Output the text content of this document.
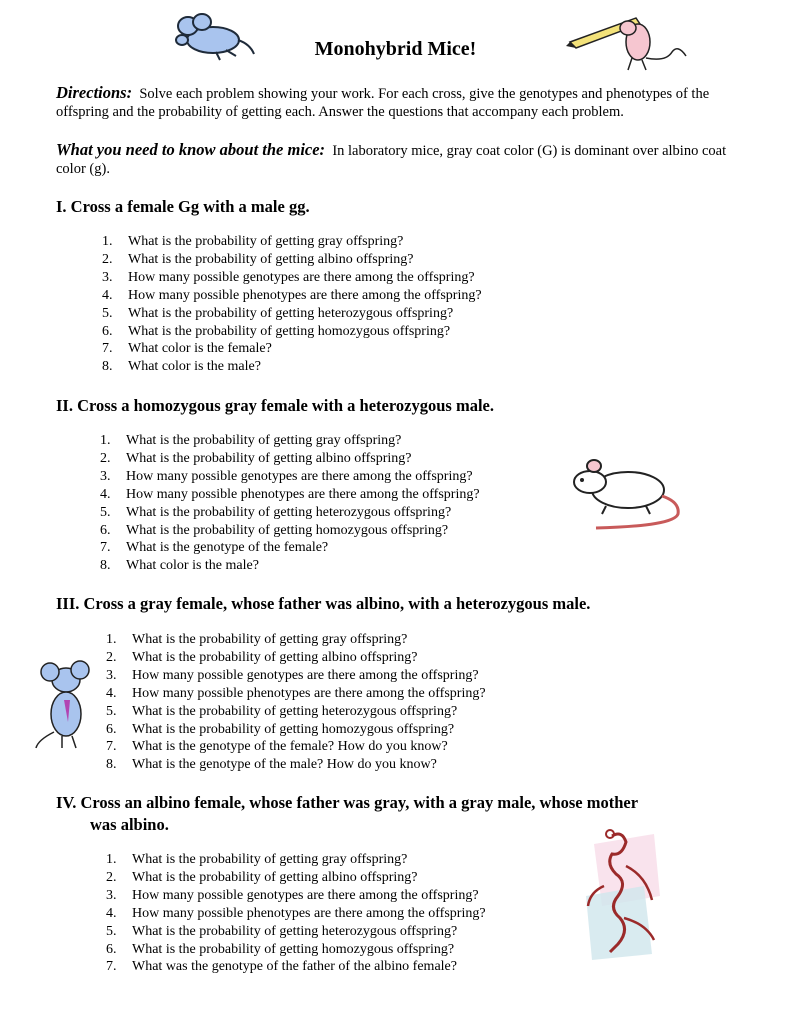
Monohybrid Mice!
Directions: Solve each problem showing your work. For each cross, give the genotypes and phenotypes of the offspring and the probability of getting each. Answer the questions that accompany each problem.
What you need to know about the mice: In laboratory mice, gray coat color (G) is dominant over albino coat color (g).
I. Cross a female Gg with a male gg.
1. What is the probability of getting gray offspring?
2. What is the probability of getting albino offspring?
3. How many possible genotypes are there among the offspring?
4. How many possible phenotypes are there among the offspring?
5. What is the probability of getting heterozygous offspring?
6. What is the probability of getting homozygous offspring?
7. What color is the female?
8. What color is the male?
II. Cross a homozygous gray female with a heterozygous male.
1. What is the probability of getting gray offspring?
2. What is the probability of getting albino offspring?
3. How many possible genotypes are there among the offspring?
4. How many possible phenotypes are there among the offspring?
5. What is the probability of getting heterozygous offspring?
6. What is the probability of getting homozygous offspring?
7. What is the genotype of the female?
8. What color is the male?
III. Cross a gray female, whose father was albino, with a heterozygous male.
1. What is the probability of getting gray offspring?
2. What is the probability of getting albino offspring?
3. How many possible genotypes are there among the offspring?
4. How many possible phenotypes are there among the offspring?
5. What is the probability of getting heterozygous offspring?
6. What is the probability of getting homozygous offspring?
7. What is the genotype of the female? How do you know?
8. What is the genotype of the male? How do you know?
IV. Cross an albino female, whose father was gray, with a gray male, whose mother
was albino.
1. What is the probability of getting gray offspring?
2. What is the probability of getting albino offspring?
3. How many possible genotypes are there among the offspring?
4. How many possible phenotypes are there among the offspring?
5. What is the probability of getting heterozygous offspring?
6. What is the probability of getting homozygous offspring?
7. What was the genotype of the father of the albino female?
